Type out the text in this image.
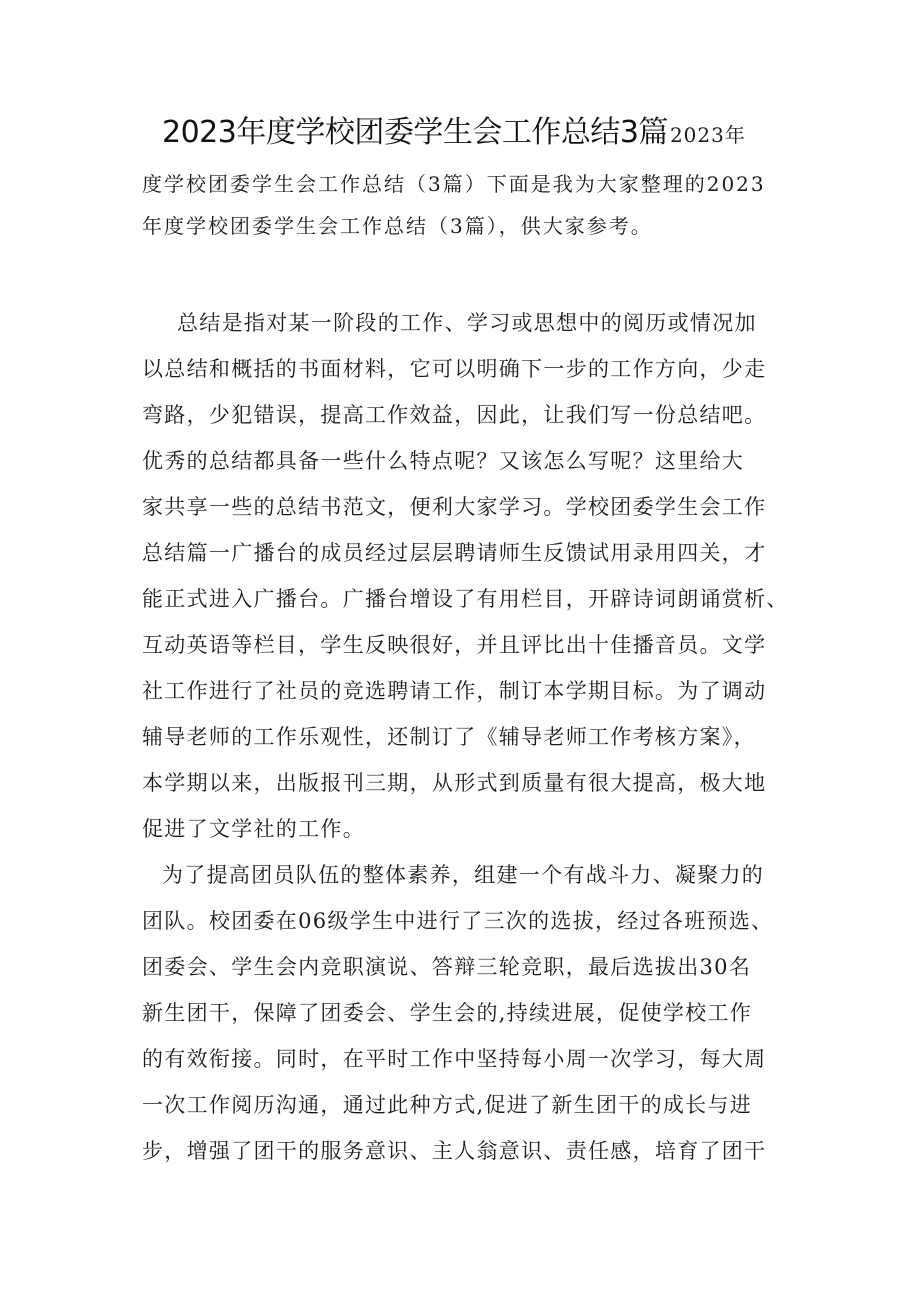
2023年度学校团委学生会工作总结3篇 2023年
度学校团委学生会工作总结（3篇）下面是我为大家整理的2023
年度学校团委学生会工作总结（3篇），供大家参考。
总结是指对某一阶段的工作、学习或思想中的阅历或情况加
以总结和概括的书面材料，它可以明确下一步的工作方向，少走
弯路，少犯错误，提高工作效益，因此，让我们写一份总结吧。
优秀的总结都具备一些什么特点呢？又该怎么写呢？这里给大
家共享一些的总结书范文，便利大家学习。学校团委学生会工作
总结篇一广播台的成员经过层层聘请师生反馈试用录用四关，才
能正式进入广播台。广播台增设了有用栏目，开辟诗词朗诵赏析、
互动英语等栏目，学生反映很好，并且评比出十佳播音员。文学
社工作进行了社员的竞选聘请工作，制订本学期目标。为了调动
辅导老师的工作乐观性，还制订了《辅导老师工作考核方案》，
本学期以来，出版报刊三期，从形式到质量有很大提高，极大地
促进了文学社的工作。
为了提高团员队伍的整体素养，组建一个有战斗力、凝聚力的
团队。校团委在06级学生中进行了三次的选拔，经过各班预选、
团委会、学生会内竞职演说、答辩三轮竞职，最后选拔出30名
新生团干，保障了团委会、学生会的,持续进展，促使学校工作
的有效衔接。同时，在平时工作中坚持每小周一次学习，每大周
一次工作阅历沟通，通过此种方式,促进了新生团干的成长与进
步，增强了团干的服务意识、主人翁意识、责任感，培育了团干
